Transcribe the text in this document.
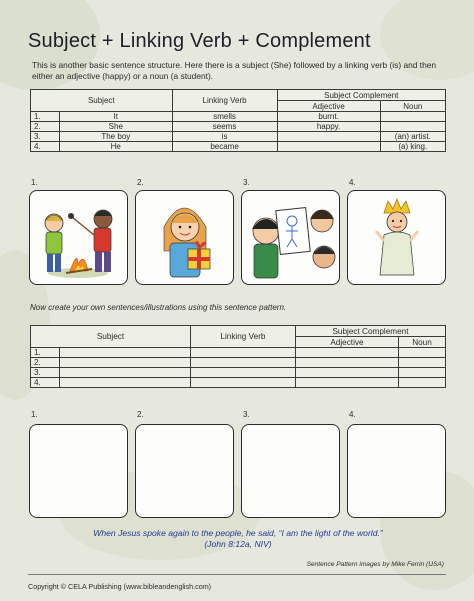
Subject + Linking Verb + Complement
This is another basic sentence structure. Here there is a subject (She) followed by a linking verb (is) and then either an adjective (happy) or a noun (a student).
Subject		Linking Verb	Subject Complement	
			Adjective	Noun
1.	It	smells	burnt.	
2.	She	seems	happy.	
3.	The boy	is		(an) artist.
4.	He	became		(a) king.
1.	2.	3.	4.
Now create your own sentences/illustrations using this sentence pattern.
Subject		Linking Verb	Subject Complement	
			Adjective	Noun
1.				
2.				
3.				
4.				
1.	2.	3.	4.
When Jesus spoke again to the people, he said, “I am the light of the world.”
(John 8:12a, NIV)
Sentence Pattern images by Mike Ferrin (USA)
Copyright © CELA Publishing (www.bibleandenglish.com)
